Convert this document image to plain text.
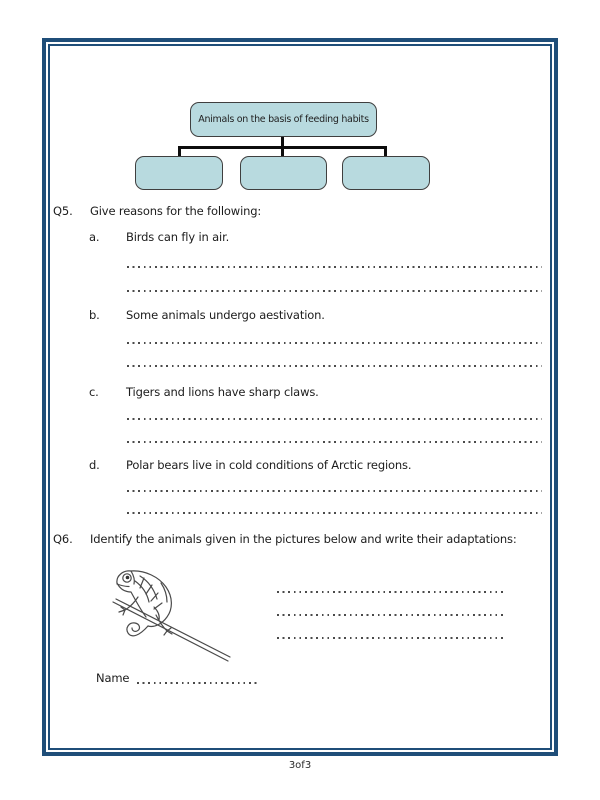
Animals on the basis of feeding habits
Q5. Give reasons for the following:
a. Birds can fly in air.
b. Some animals undergo aestivation.
c. Tigers and lions have sharp claws.
d. Polar bears live in cold conditions of Arctic regions.
Q6. Identify the animals given in the pictures below and write their adaptations:
Name
3of3
